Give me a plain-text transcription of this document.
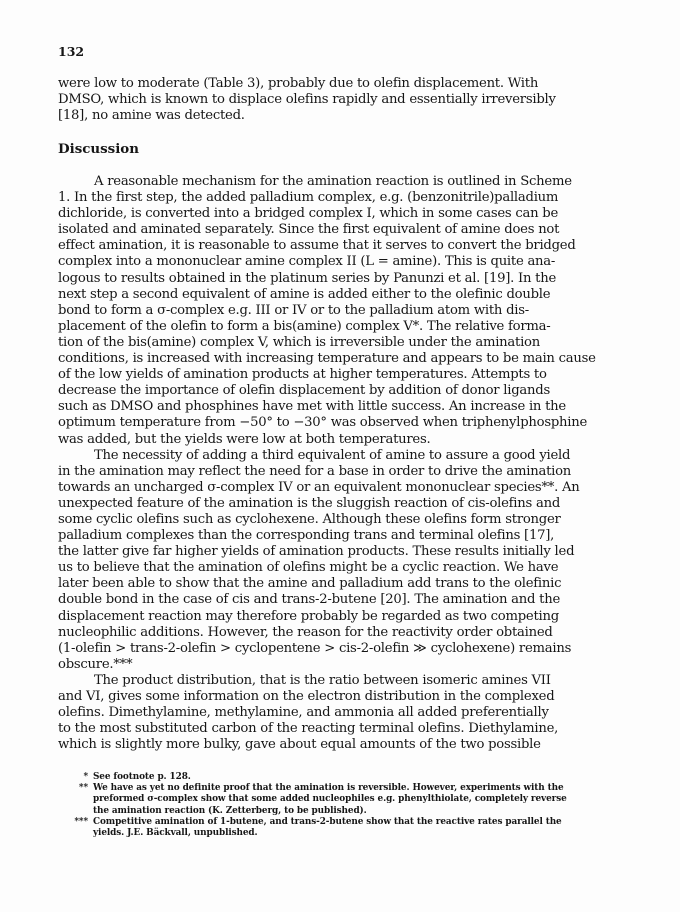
132
were low to moderate (Table 3), probably due to olefin displacement. With
DMSO, which is known to displace olefins rapidly and essentially irreversibly
[18], no amine was detected.
Discussion
A reasonable mechanism for the amination reaction is outlined in Scheme
1. In the first step, the added palladium complex, e.g. (benzonitrile)palladium
dichloride, is converted into a bridged complex I, which in some cases can be
isolated and aminated separately. Since the first equivalent of amine does not
effect amination, it is reasonable to assume that it serves to convert the bridged
complex into a mononuclear amine complex II (L = amine). This is quite ana-
logous to results obtained in the platinum series by Panunzi et al. [19]. In the
next step a second equivalent of amine is added either to the olefinic double
bond to form a σ-complex e.g. III or IV or to the palladium atom with dis-
placement of the olefin to form a bis(amine) complex V*. The relative forma-
tion of the bis(amine) complex V, which is irreversible under the amination
conditions, is increased with increasing temperature and appears to be main cause
of the low yields of amination products at higher temperatures. Attempts to
decrease the importance of olefin displacement by addition of donor ligands
such as DMSO and phosphines have met with little success. An increase in the
optimum temperature from −50° to −30° was observed when triphenylphosphine
was added, but the yields were low at both temperatures.
The necessity of adding a third equivalent of amine to assure a good yield
in the amination may reflect the need for a base in order to drive the amination
towards an uncharged σ-complex IV or an equivalent mononuclear species**. An
unexpected feature of the amination is the sluggish reaction of cis-olefins and
some cyclic olefins such as cyclohexene. Although these olefins form stronger
palladium complexes than the corresponding trans and terminal olefins [17],
the latter give far higher yields of amination products. These results initially led
us to believe that the amination of olefins might be a cyclic reaction. We have
later been able to show that the amine and palladium add trans to the olefinic
double bond in the case of cis and trans-2-butene [20]. The amination and the
displacement reaction may therefore probably be regarded as two competing
nucleophilic additions. However, the reason for the reactivity order obtained
(1-olefin > trans-2-olefin > cyclopentene > cis-2-olefin ≫ cyclohexene) remains
obscure.***
The product distribution, that is the ratio between isomeric amines VII
and VI, gives some information on the electron distribution in the complexed
olefins. Dimethylamine, methylamine, and ammonia all added preferentially
to the most substituted carbon of the reacting terminal olefins. Diethylamine,
which is slightly more bulky, gave about equal amounts of the two possible
* See footnote p. 128.
** We have as yet no definite proof that the amination is reversible. However, experiments with the
preformed σ-complex show that some added nucleophiles e.g. phenylthiolate, completely reverse
the amination reaction (K. Zetterberg, to be published).
*** Competitive amination of 1-butene, and trans-2-butene show that the reactive rates parallel the
yields. J.E. Bäckvall, unpublished.
